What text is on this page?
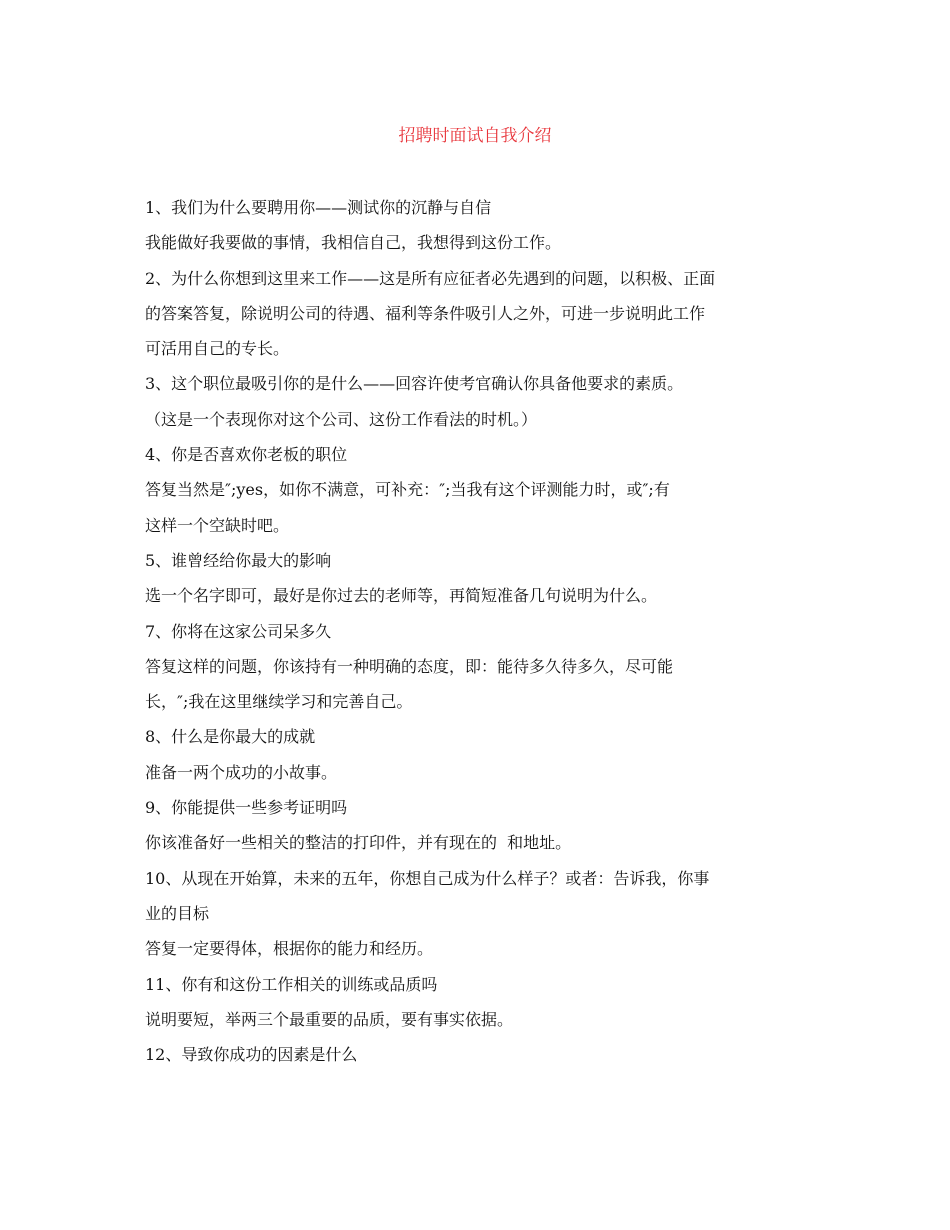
招聘时面试自我介绍
1、我们为什么要聘用你——测试你的沉静与自信
我能做好我要做的事情，我相信自己，我想得到这份工作。
2、为什么你想到这里来工作——这是所有应征者必先遇到的问题，以积极、正面
的答案答复，除说明公司的待遇、福利等条件吸引人之外，可进一步说明此工作
可活用自己的专长。
3、这个职位最吸引你的是什么——回容许使考官确认你具备他要求的素质。
（这是一个表现你对这个公司、这份工作看法的时机。）
4、你是否喜欢你老板的职位
答复当然是″;yes，如你不满意，可补充：″;当我有这个评测能力时，或″;有
这样一个空缺时吧。
5、谁曾经给你最大的影响
选一个名字即可，最好是你过去的老师等，再简短准备几句说明为什么。
7、你将在这家公司呆多久
答复这样的问题，你该持有一种明确的态度，即：能待多久待多久，尽可能
长，″;我在这里继续学习和完善自己。
8、什么是你最大的成就
准备一两个成功的小故事。
9、你能提供一些参考证明吗
你该准备好一些相关的整洁的打印件，并有现在的  和地址。
10、从现在开始算，未来的五年，你想自己成为什么样子？或者：告诉我，你事
业的目标
答复一定要得体，根据你的能力和经历。
11、你有和这份工作相关的训练或品质吗
说明要短，举两三个最重要的品质，要有事实依据。
12、导致你成功的因素是什么
